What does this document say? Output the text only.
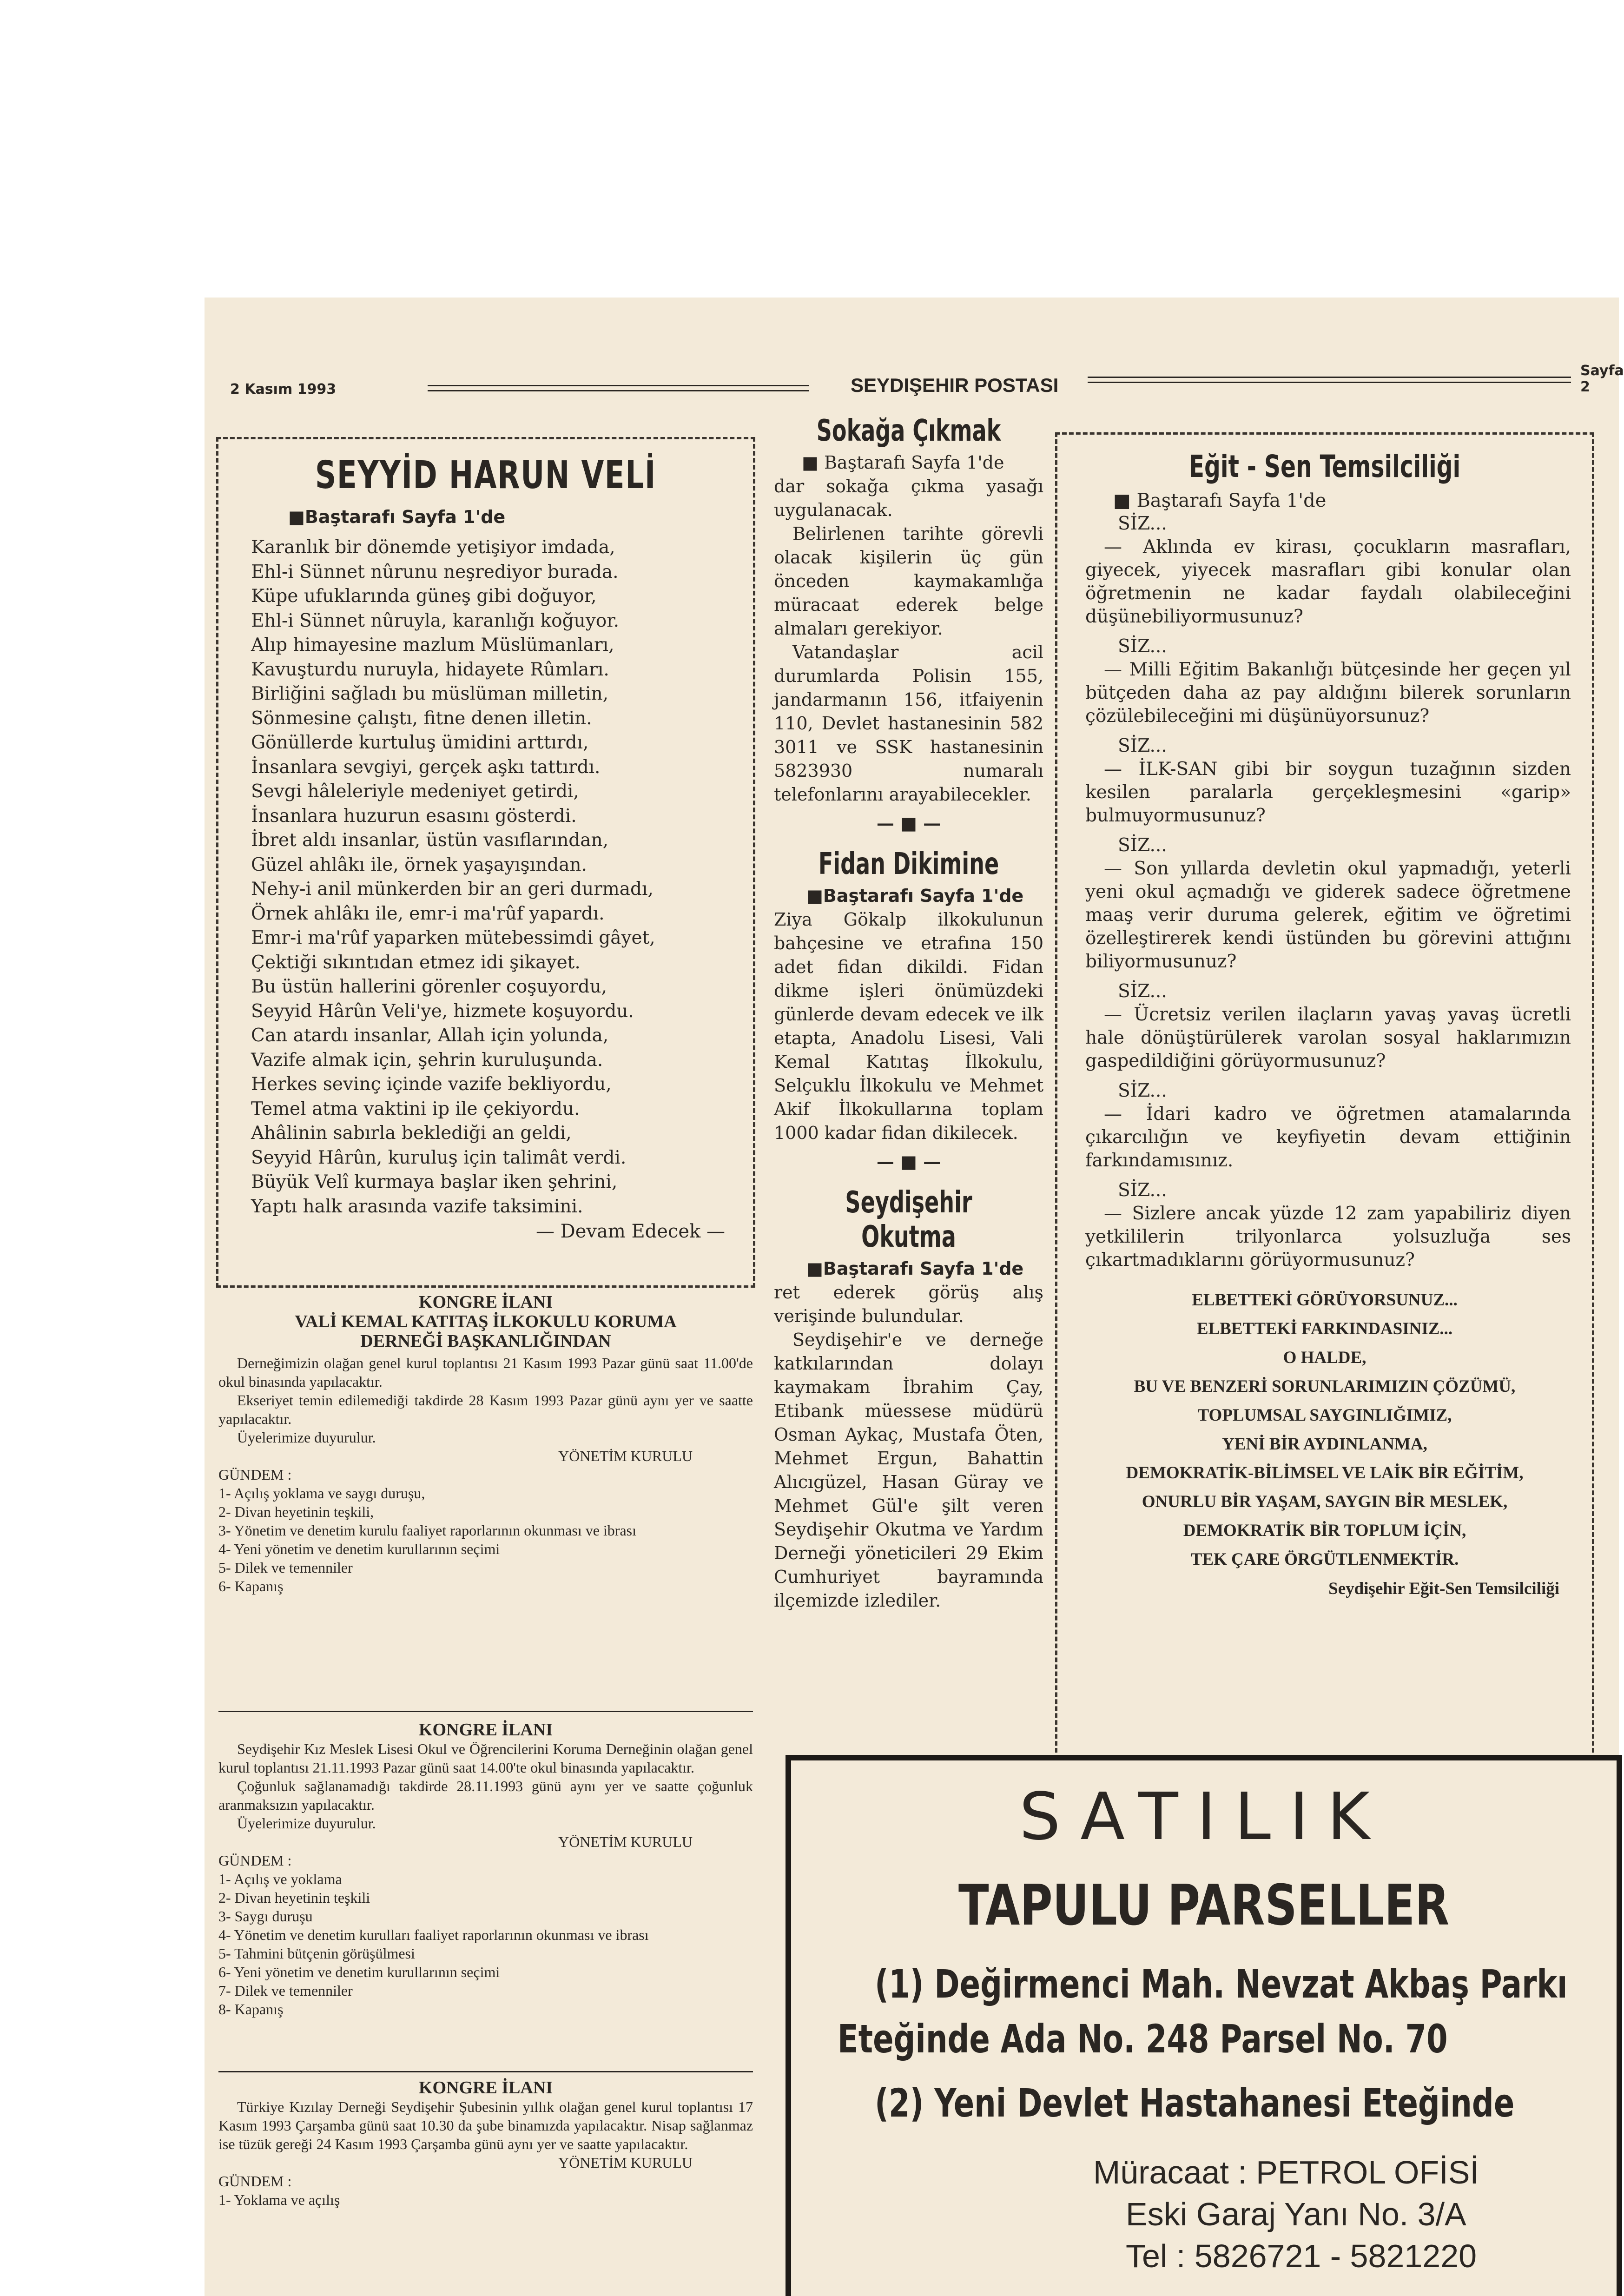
2 Kasım 1993	SEYDIŞEHIR POSTASI
Sayfa 2
SEYYİD HARUN VELİ
■Baştarafı Sayfa 1'de

Karanlık bir dönemde yetişiyor imdada,

Ehl-i Sünnet nûrunu neşrediyor burada.

Küpe ufuklarında güneş gibi doğuyor,

Ehl-i Sünnet nûruyla, karanlığı koğuyor.

Alıp himayesine mazlum Müslümanları,

Kavuşturdu nuruyla, hidayete Rûmları.

Birliğini sağladı bu müslüman milletin,

Sönmesine çalıştı, fitne denen illetin.

Gönüllerde kurtuluş ümidini arttırdı,

İnsanlara sevgiyi, gerçek aşkı tattırdı.

Sevgi hâleleriyle medeniyet getirdi,

İnsanlara huzurun esasını gösterdi.

İbret aldı insanlar, üstün vasıflarından,

Güzel ahlâkı ile, örnek yaşayışından.

Nehy-i anil münkerden bir an geri durmadı,

Örnek ahlâkı ile, emr-i ma'rûf yapardı.

Emr-i ma'rûf yaparken mütebessimdi gâyet,

Çektiği sıkıntıdan etmez idi şikayet.

Bu üstün hallerini görenler coşuyordu,

Seyyid Hârûn Veli'ye, hizmete koşuyordu.

Can atardı insanlar, Allah için yolunda,

Vazife almak için, şehrin kuruluşunda.

Herkes sevinç içinde vazife bekliyordu,

Temel atma vaktini ip ile çekiyordu.

Ahâlinin sabırla beklediği an geldi,

Seyyid Hârûn, kuruluş için talimât verdi.

Büyük Velî kurmaya başlar iken şehrini,

Yaptı halk arasında vazife taksimini.

— Devam Edecek —
KONGRE İLANI
VALİ KEMAL KATITAŞ İLKOKULU KORUMA DERNEĞİ BAŞKANLIĞINDAN

Derneğimizin olağan genel kurul toplantısı 21 Kasım 1993 Pazar günü saat 11.00'de okul binasında yapılacaktır.

Ekseriyet temin edilemediği takdirde 28 Kasım 1993 Pazar günü aynı yer ve saatte yapılacaktır.

Üyelerimize duyurulur.

YÖNETİM KURULU
GÜNDEM :

1- Açılış yoklama ve saygı duruşu,

2- Divan heyetinin teşkili,

3- Yönetim ve denetim kurulu faaliyet raporlarının okunması ve ibrası

4- Yeni yönetim ve denetim kurullarının seçimi

5- Dilek ve temenniler

6- Kapanış

KONGRE İLANI

Seydişehir Kız Meslek Lisesi Okul ve Öğrencilerini Koruma Derneğinin olağan genel kurul toplantısı 21.11.1993 Pazar günü saat 14.00'te okul binasında yapılacaktır.

Çoğunluk sağlanamadığı takdirde 28.11.1993 günü aynı yer ve saatte çoğunluk aranmaksızın yapılacaktır.

Üyelerimize duyurulur.

YÖNETİM KURULU
GÜNDEM :

1- Açılış ve yoklama

2- Divan heyetinin teşkili

3- Saygı duruşu

4- Yönetim ve denetim kurulları faaliyet raporlarının okunması ve ibrası

5- Tahmini bütçenin görüşülmesi

6- Yeni yönetim ve denetim kurullarının seçimi

7- Dilek ve temenniler

8- Kapanış

KONGRE İLANI

Türkiye Kızılay Derneği Seydişehir Şubesinin yıllık olağan genel kurul toplantısı 17 Kasım 1993 Çarşamba günü saat 10.30 da şube binamızda yapılacaktır. Nisap sağlanmaz ise tüzük gereği 24 Kasım 1993 Çarşamba günü aynı yer ve saatte yapılacaktır.

YÖNETİM KURULU
GÜNDEM :

1- Yoklama ve açılış

Sokağa Çıkmak

■ Baştarafı Sayfa 1'de

dar sokağa çıkma yasağı uygulanacak.

Belirlenen tarihte görevli olacak kişilerin üç gün önceden kaymakamlığa müracaat ederek belge almaları gerekiyor.

Vatandaşlar acil durumlarda Polisin 155, jandarmanın 156, itfaiyenin 110, Devlet hastanesinin 582 3011 ve SSK hastanesinin 5823930 numaralı telefonlarını arayabilecekler.

— ■ —

Fidan Dikimine

■Baştarafı Sayfa 1'de

Ziya Gökalp ilkokulunun bahçesine ve etrafına 150 adet fidan dikildi. Fidan dikme işleri önümüzdeki günlerde devam edecek ve ilk etapta, Anadolu Lisesi, Vali Kemal Katıtaş İlkokulu, Selçuklu İlkokulu ve Mehmet Akif İlkokullarına toplam 1000 kadar fidan dikilecek.

— ■ —

Seydişehir Okutma

■Baştarafı Sayfa 1'de

ret ederek görüş alış verişinde bulundular.

Seydişehir'e ve derneğe katkılarından dolayı kaymakam İbrahim Çay, Etibank müessese müdürü Osman Aykaç, Mustafa Öten, Mehmet Ergun, Bahattin Alıcıgüzel, Hasan Güray ve Mehmet Gül'e şilt veren Seydişehir Okutma ve Yardım Derneği yöneticileri 29 Ekim Cumhuriyet bayramında ilçemizde izlediler.

Eğit - Sen Temsilciliği
■ Baştarafı Sayfa 1'de

SİZ...

— Aklında ev kirası, çocukların masrafları, giyecek, yiyecek masrafları gibi konular olan öğretmenin ne kadar faydalı olabileceğini düşünebiliyormusunuz?

SİZ...

— Milli Eğitim Bakanlığı bütçesinde her geçen yıl bütçeden daha az pay aldığını bilerek sorunların çözülebileceğini mi düşünüyorsunuz?

SİZ...

— İLK-SAN gibi bir soygun tuzağının sizden kesilen paralarla gerçekleşmesini «garip» bulmuyormusunuz?

SİZ...

— Son yıllarda devletin okul yapmadığı, yeterli yeni okul açmadığı ve giderek sadece öğretmene maaş verir duruma gelerek, eğitim ve öğretimi özelleştirerek kendi üstünden bu görevini attığını biliyormusunuz?

SİZ...

— Ücretsiz verilen ilaçların yavaş yavaş ücretli hale dönüştürülerek varolan sosyal haklarımızın gaspedildiğini görüyormusunuz?

SİZ...

— İdari kadro ve öğretmen atamalarında çıkarcılığın ve keyfiyetin devam ettiğinin farkındamısınız.

SİZ...

— Sizlere ancak yüzde 12 zam yapabiliriz diyen yetkililerin trilyonlarca yolsuzluğa ses çıkartmadıklarını görüyormusunuz?

ELBETTEKİ GÖRÜYORSUNUZ...

ELBETTEKİ FARKINDASINIZ...

O HALDE,

BU VE BENZERİ SORUNLARIMIZIN ÇÖZÜMÜ,

TOPLUMSAL SAYGINLIĞIMIZ,

YENİ BİR AYDINLANMA,

DEMOKRATİK-BİLİMSEL VE LAİK BİR EĞİTİM,

ONURLU BİR YAŞAM, SAYGIN BİR MESLEK,

DEMOKRATİK BİR TOPLUM İÇİN,

TEK ÇARE ÖRGÜTLENMEKTİR.

Seydişehir Eğit-Sen Temsilciliği
SATILIK
TAPULU PARSELLER
(1) Değirmenci Mah. Nevzat Akbaş Parkı
Eteğinde Ada No. 248 Parsel No. 70
(2) Yeni Devlet Hastahanesi Eteğinde
Müracaat : PETROL OFİSİ
Eski Garaj Yanı No. 3/A
Tel : 5826721 - 5821220
